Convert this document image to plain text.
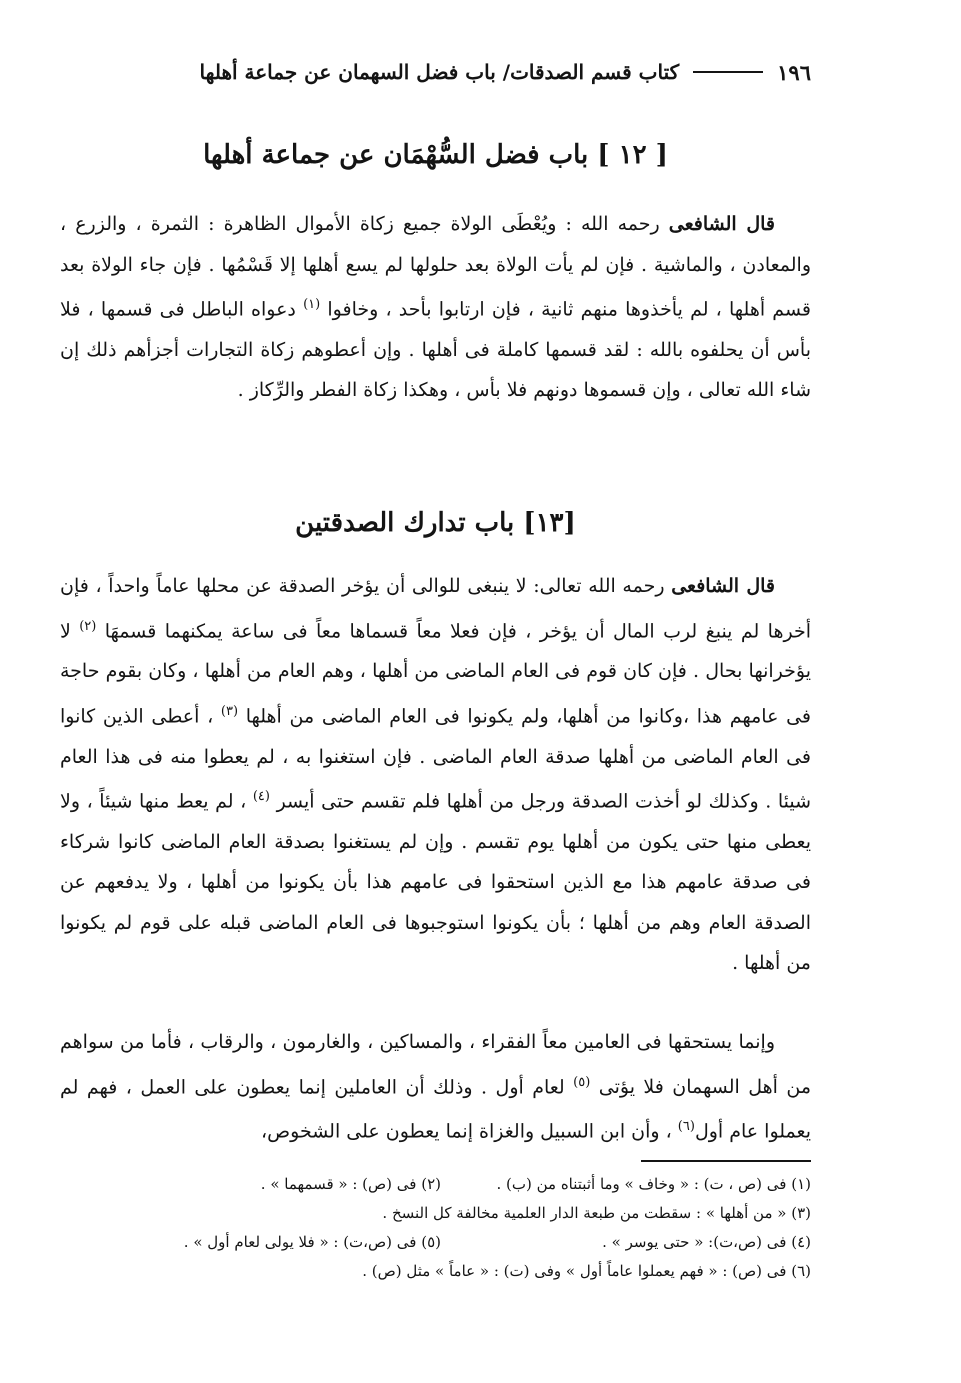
١٩٦
كتاب قسم الصدقات/ باب فضل السهمان عن جماعة أهلها
[ ١٢ ] باب فضل السُّهْمَان عن جماعة أهلها

قال الشافعى رحمه الله : ويُعْطَى الولاة جميع زكاة الأموال الظاهرة : الثمرة ، والزرع ، والمعادن ، والماشية . فإن لم يأت الولاة بعد حلولها لم يسع أهلها إلا قَسْمُها . فإن جاء الولاة بعد قسم أهلها ، لم يأخذوها منهم ثانية ، فإن ارتابوا بأحد ، وخافوا $^{(١)}$ دعواه الباطل فى قسمها ، فلا بأس أن يحلفوه بالله : لقد قسمها كاملة فى أهلها . وإن أعطوهم زكاة التجارات أجزأهم ذلك إن شاء الله تعالى ، وإن قسموها دونهم فلا بأس ، وهكذا زكاة الفطر والرِّكاز .

[١٣] باب تدارك الصدقتين

قال الشافعى رحمه الله تعالى: لا ينبغى للوالى أن يؤخر الصدقة عن محلها عاماً واحداً ، فإن أخرها لم ينبغ لرب المال أن يؤخر ، فإن فعلا معاً قسماها معاً فى ساعة يمكنهما قسمهَا $^{(٢)}$ لا يؤخرانها بحال . فإن كان قوم فى العام الماضى من أهلها ، وهم العام من أهلها ، وكان بقوم حاجة فى عامهم هذا ،وكانوا من أهلها، ولم يكونوا فى العام الماضى من أهلها $^{(٣)}$ ، أعطى الذين كانوا فى العام الماضى من أهلها صدقة العام الماضى . فإن استغنوا به ، لم يعطوا منه فى هذا العام شيئا . وكذلك لو أخذت الصدقة ورجل من أهلها فلم تقسم حتى أيسر $^{(٤)}$ ، لم يعط منها شيئاً ، ولا يعطى منها حتى يكون من أهلها يوم تقسم . وإن لم يستغنوا بصدقة العام الماضى كانوا شركاء فى صدقة عامهم هذا مع الذين استحقوا فى عامهم هذا بأن يكونوا من أهلها ، ولا يدفعهم عن الصدقة العام وهم من أهلها ؛ بأن يكونوا استوجبوها فى العام الماضى قبله على قوم لم يكونوا من أهلها .

وإنما يستحقها فى العامين معاً الفقراء ، والمساكين ، والغارمون ، والرقاب ، فأما من سواهم من أهل السهمان فلا يؤتى $^{(٥)}$ لعام أول . وذلك أن العاملين إنما يعطون على العمل ، فهم لم يعملوا عام أول$^{(٦)}$ ، وأن ابن السبيل والغزاة إنما يعطون على الشخوص،

(١) فى (ص ، ت) : « وخاف » وما أثبتناه من (ب) .
(٢) فى (ص) : « قسمهما » .
(٣) « من أهلها » : سقطت من طبعة الدار العلمية مخالفة كل النسخ .
(٤) فى (ص،ت): « حتى يوسر » .
(٥) فى (ص،ت) : « فلا يولى لعام أول » .
(٦) فى (ص) : « فهم يعملوا عاماً أول » وفى (ت) : « عاماً » مثل (ص) .
